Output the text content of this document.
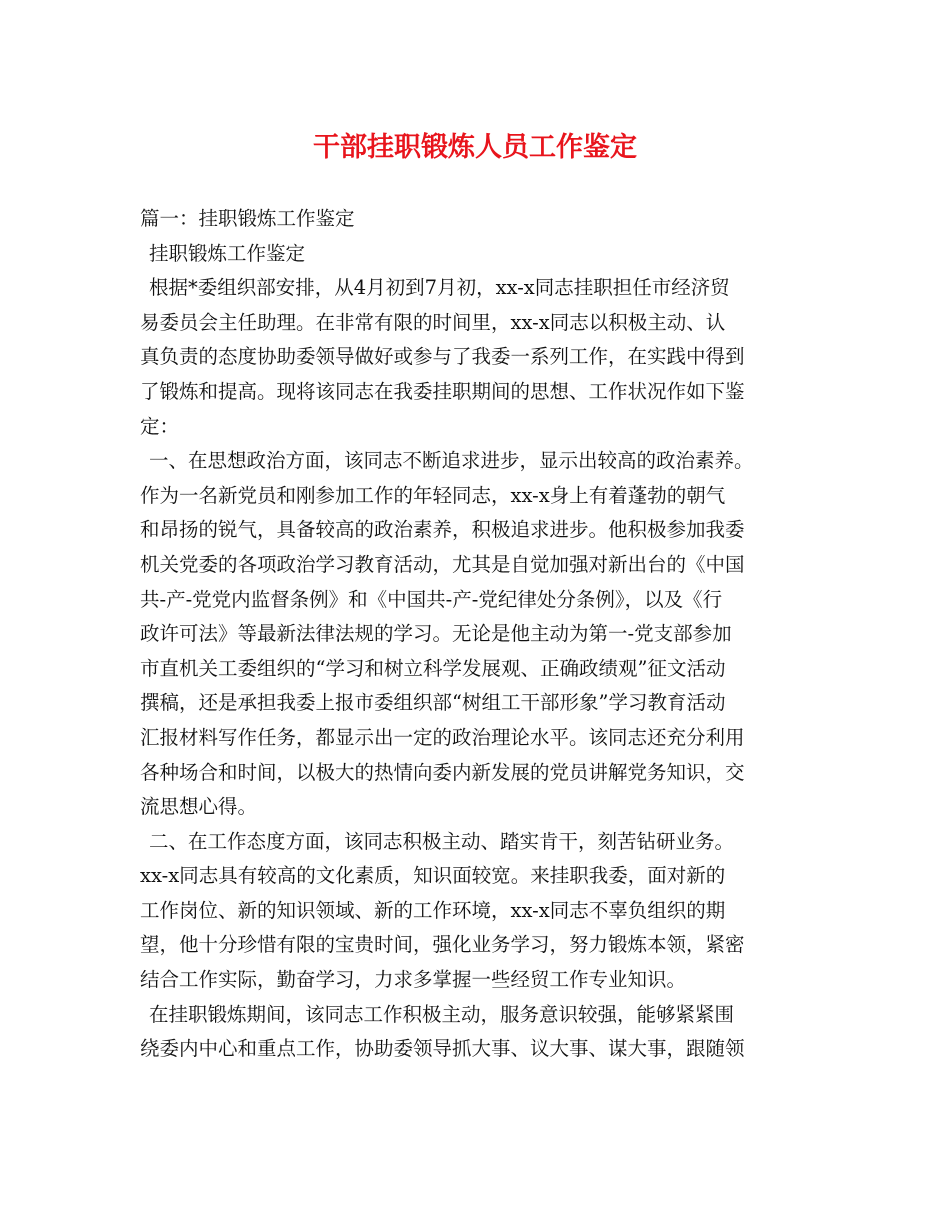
干部挂职锻炼人员工作鉴定
篇一：挂职锻炼工作鉴定
挂职锻炼工作鉴定
根据*委组织部安排，从4月初到7月初，xx-x同志挂职担任市经济贸
易委员会主任助理。在非常有限的时间里，xx-x同志以积极主动、认
真负责的态度协助委领导做好或参与了我委一系列工作，在实践中得到
了锻炼和提高。现将该同志在我委挂职期间的思想、工作状况作如下鉴
定：
一、在思想政治方面，该同志不断追求进步，显示出较高的政治素养。
作为一名新党员和刚参加工作的年轻同志，xx-x身上有着蓬勃的朝气
和昂扬的锐气，具备较高的政治素养，积极追求进步。他积极参加我委
机关党委的各项政治学习教育活动，尤其是自觉加强对新出台的《中国
共-产-党党内监督条例》和《中国共-产-党纪律处分条例》，以及《行
政许可法》等最新法律法规的学习。无论是他主动为第一-党支部参加
市直机关工委组织的“学习和树立科学发展观、正确政绩观”征文活动
撰稿，还是承担我委上报市委组织部“树组工干部形象”学习教育活动
汇报材料写作任务，都显示出一定的政治理论水平。该同志还充分利用
各种场合和时间，以极大的热情向委内新发展的党员讲解党务知识，交
流思想心得。
二、在工作态度方面，该同志积极主动、踏实肯干，刻苦钻研业务。
xx-x同志具有较高的文化素质，知识面较宽。来挂职我委，面对新的
工作岗位、新的知识领域、新的工作环境，xx-x同志不辜负组织的期
望，他十分珍惜有限的宝贵时间，强化业务学习，努力锻炼本领，紧密
结合工作实际，勤奋学习，力求多掌握一些经贸工作专业知识。
在挂职锻炼期间，该同志工作积极主动，服务意识较强，能够紧紧围
绕委内中心和重点工作，协助委领导抓大事、议大事、谋大事，跟随领
